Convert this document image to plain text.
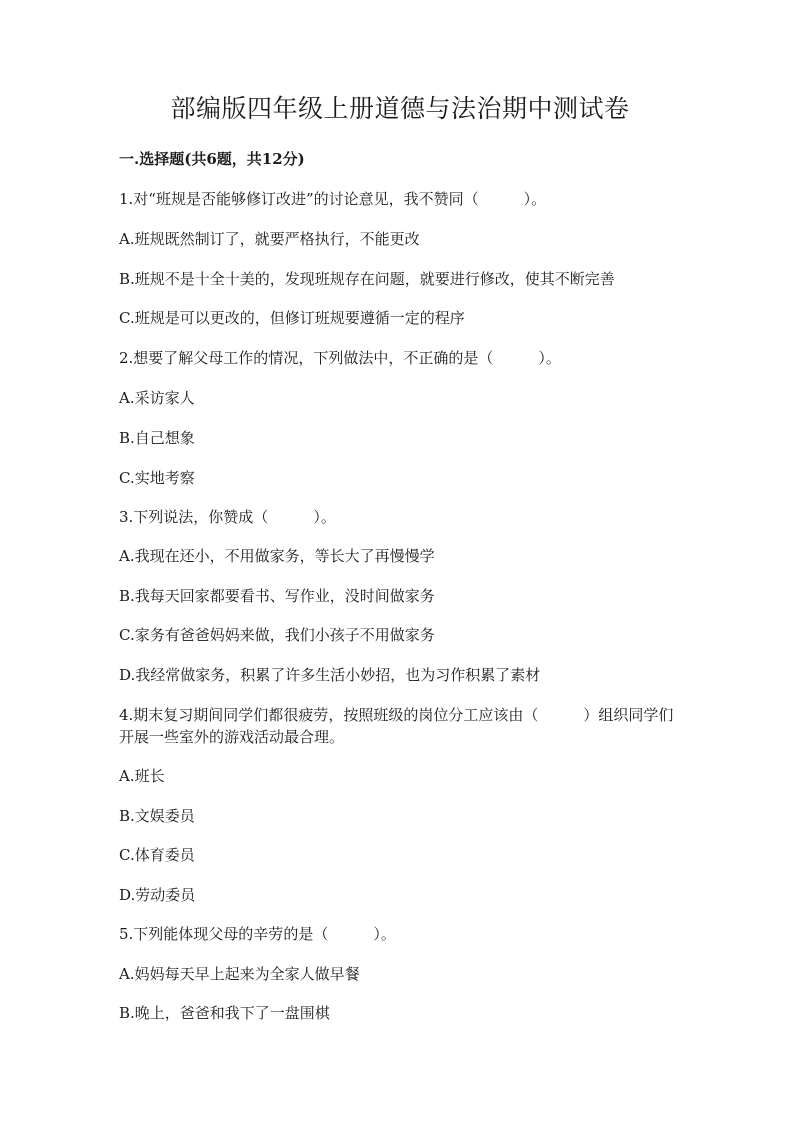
部编版四年级上册道德与法治期中测试卷
一.选择题(共6题，共12分)
1.对“班规是否能够修订改进”的讨论意见，我不赞同（　　　）。
A.班规既然制订了，就要严格执行，不能更改
B.班规不是十全十美的，发现班规存在问题，就要进行修改，使其不断完善
C.班规是可以更改的，但修订班规要遵循一定的程序
2.想要了解父母工作的情况，下列做法中，不正确的是（　　　）。
A.采访家人
B.自己想象
C.实地考察
3.下列说法，你赞成（　　　）。
A.我现在还小，不用做家务，等长大了再慢慢学
B.我每天回家都要看书、写作业，没时间做家务
C.家务有爸爸妈妈来做，我们小孩子不用做家务
D.我经常做家务，积累了许多生活小妙招，也为习作积累了素材
4.期末复习期间同学们都很疲劳，按照班级的岗位分工应该由（　　　）组织同学们开展一些室外的游戏活动最合理。
A.班长
B.文娱委员
C.体育委员
D.劳动委员
5.下列能体现父母的辛劳的是（　　　）。
A.妈妈每天早上起来为全家人做早餐
B.晚上，爸爸和我下了一盘围棋
